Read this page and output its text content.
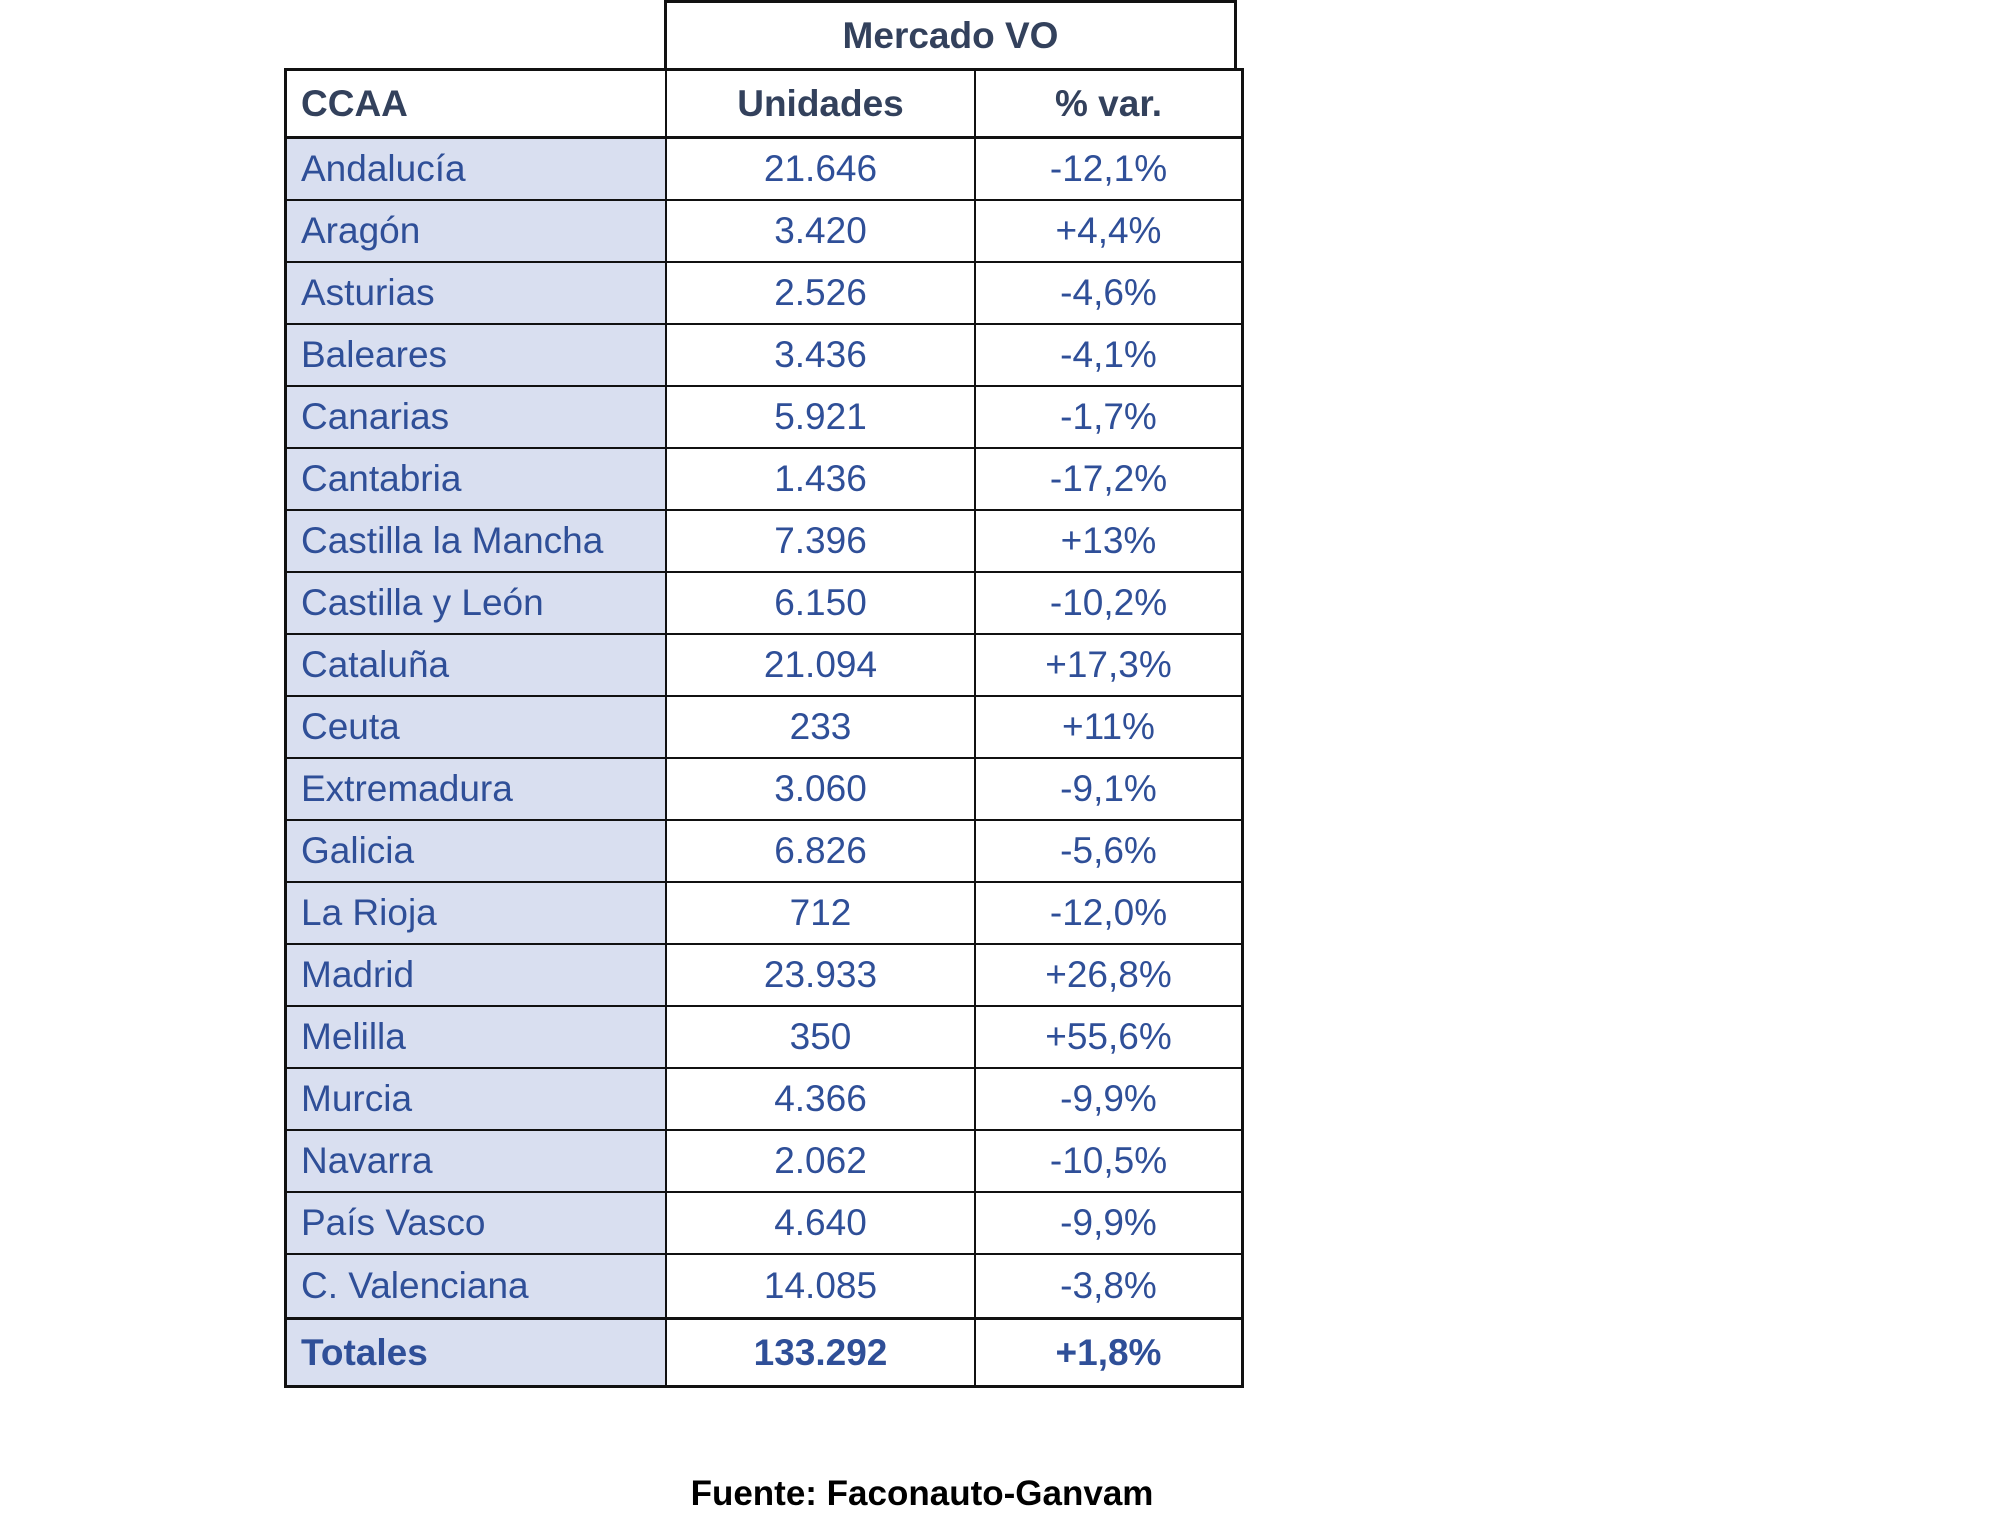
Mercado VO
CCAA	Unidades	% var.
Andalucía	21.646	-12,1%
Aragón	3.420	+4,4%
Asturias	2.526	-4,6%
Baleares	3.436	-4,1%
Canarias	5.921	-1,7%
Cantabria	1.436	-17,2%
Castilla la Mancha	7.396	+13%
Castilla y León	6.150	-10,2%
Cataluña	21.094	+17,3%
Ceuta	233	+11%
Extremadura	3.060	-9,1%
Galicia	6.826	-5,6%
La Rioja	712	-12,0%
Madrid	23.933	+26,8%
Melilla	350	+55,6%
Murcia	4.366	-9,9%
Navarra	2.062	-10,5%
País Vasco	4.640	-9,9%
C. Valenciana	14.085	-3,8%
Totales	133.292	+1,8%
Fuente: Faconauto-Ganvam
